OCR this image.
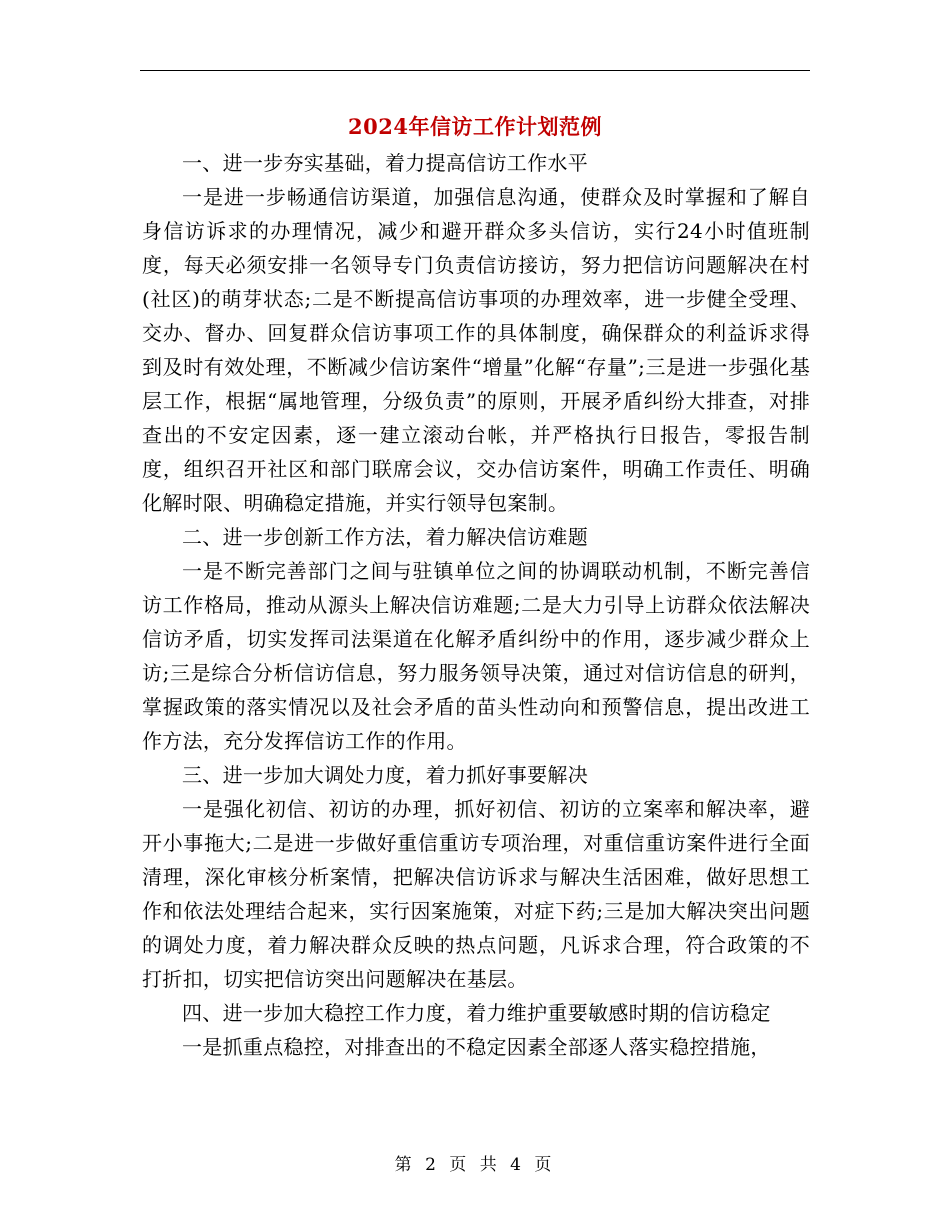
2024年信访工作计划范例

一、进一步夯实基础，着力提高信访工作水平

一是进一步畅通信访渠道，加强信息沟通，使群众及时掌握和了解自身信访诉求的办理情况，减少和避开群众多头信访，实行24小时值班制度，每天必须安排一名领导专门负责信访接访，努力把信访问题解决在村(社区)的萌芽状态;二是不断提高信访事项的办理效率，进一步健全受理、交办、督办、回复群众信访事项工作的具体制度，确保群众的利益诉求得到及时有效处理，不断减少信访案件“增量”化解“存量”;三是进一步强化基层工作，根据“属地管理，分级负责”的原则，开展矛盾纠纷大排查，对排查出的不安定因素，逐一建立滚动台帐，并严格执行日报告，零报告制度，组织召开社区和部门联席会议，交办信访案件，明确工作责任、明确化解时限、明确稳定措施，并实行领导包案制。

二、进一步创新工作方法，着力解决信访难题

一是不断完善部门之间与驻镇单位之间的协调联动机制，不断完善信访工作格局，推动从源头上解决信访难题;二是大力引导上访群众依法解决信访矛盾，切实发挥司法渠道在化解矛盾纠纷中的作用，逐步减少群众上访;三是综合分析信访信息，努力服务领导决策，通过对信访信息的研判，掌握政策的落实情况以及社会矛盾的苗头性动向和预警信息，提出改进工作方法，充分发挥信访工作的作用。

三、进一步加大调处力度，着力抓好事要解决

一是强化初信、初访的办理，抓好初信、初访的立案率和解决率，避开小事拖大;二是进一步做好重信重访专项治理，对重信重访案件进行全面清理，深化审核分析案情，把解决信访诉求与解决生活困难，做好思想工作和依法处理结合起来，实行因案施策，对症下药;三是加大解决突出问题的调处力度，着力解决群众反映的热点问题，凡诉求合理，符合政策的不打折扣，切实把信访突出问题解决在基层。

四、进一步加大稳控工作力度，着力维护重要敏感时期的信访稳定

一是抓重点稳控，对排查出的不稳定因素全部逐人落实稳控措施，

第 2 页 共 4 页
